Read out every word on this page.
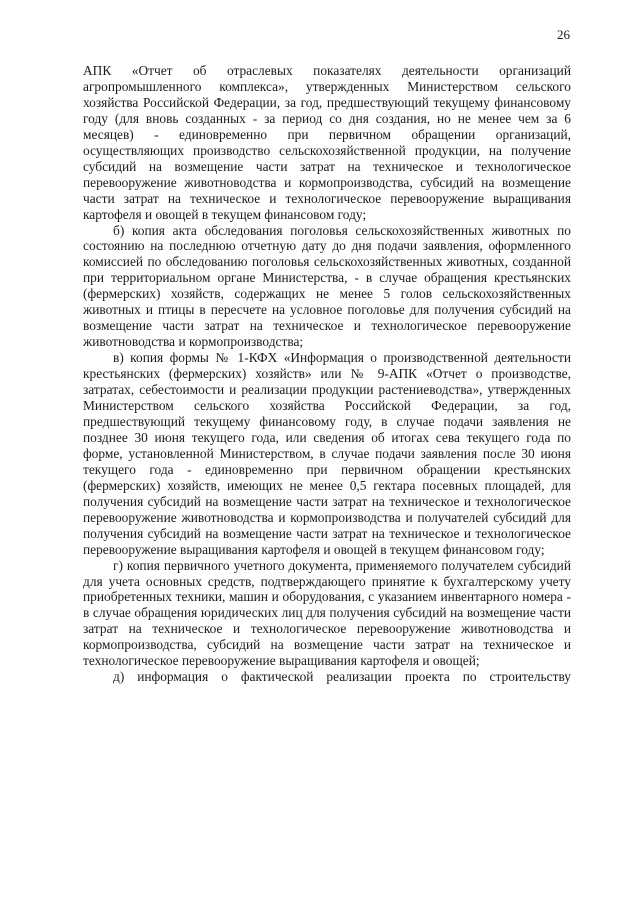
26

АПК «Отчет об отраслевых показателях деятельности организаций агропромышленного комплекса», утвержденных Министерством сельского хозяйства Российской Федерации, за год, предшествующий текущему финансовому году (для вновь созданных - за период со дня создания, но не менее чем за 6 месяцев) - единовременно при первичном обращении организаций, осуществляющих производство сельскохозяйственной продукции, на получение субсидий на возмещение части затрат на техническое и технологическое перевооружение животноводства и кормопроизводства, субсидий на возмещение части затрат на техническое и технологическое перевооружение выращивания картофеля и овощей в текущем финансовом году;

б) копия акта обследования поголовья сельскохозяйственных животных по состоянию на последнюю отчетную дату до дня подачи заявления, оформленного комиссией по обследованию поголовья сельскохозяйственных животных, созданной при территориальном органе Министерства, - в случае обращения крестьянских (фермерских) хозяйств, содержащих не менее 5 голов сельскохозяйственных животных и птицы в пересчете на условное поголовье для получения субсидий на возмещение части затрат на техническое и технологическое перевооружение животноводства и кормопроизводства;

в) копия формы № 1-КФХ «Информация о производственной деятельности крестьянских (фермерских) хозяйств» или № 9-АПК «Отчет о производстве, затратах, себестоимости и реализации продукции растениеводства», утвержденных Министерством сельского хозяйства Российской Федерации, за год, предшествующий текущему финансовому году, в случае подачи заявления не позднее 30 июня текущего года, или сведения об итогах сева текущего года по форме, установленной Министерством, в случае подачи заявления после 30 июня текущего года - единовременно при первичном обращении крестьянских (фермерских) хозяйств, имеющих не менее 0,5 гектара посевных площадей, для получения субсидий на возмещение части затрат на техническое и технологическое перевооружение животноводства и кормопроизводства и получателей субсидий для получения субсидий на возмещение части затрат на техническое и технологическое перевооружение выращивания картофеля и овощей в текущем финансовом году;

г) копия первичного учетного документа, применяемого получателем субсидий для учета основных средств, подтверждающего принятие к бухгалтерскому учету приобретенных техники, машин и оборудования, с указанием инвентарного номера - в случае обращения юридических лиц для получения субсидий на возмещение части затрат на техническое и технологическое перевооружение животноводства и кормопроизводства, субсидий на возмещение части затрат на техническое и технологическое перевооружение выращивания картофеля и овощей;

д) информация о фактической реализации проекта по строительству
